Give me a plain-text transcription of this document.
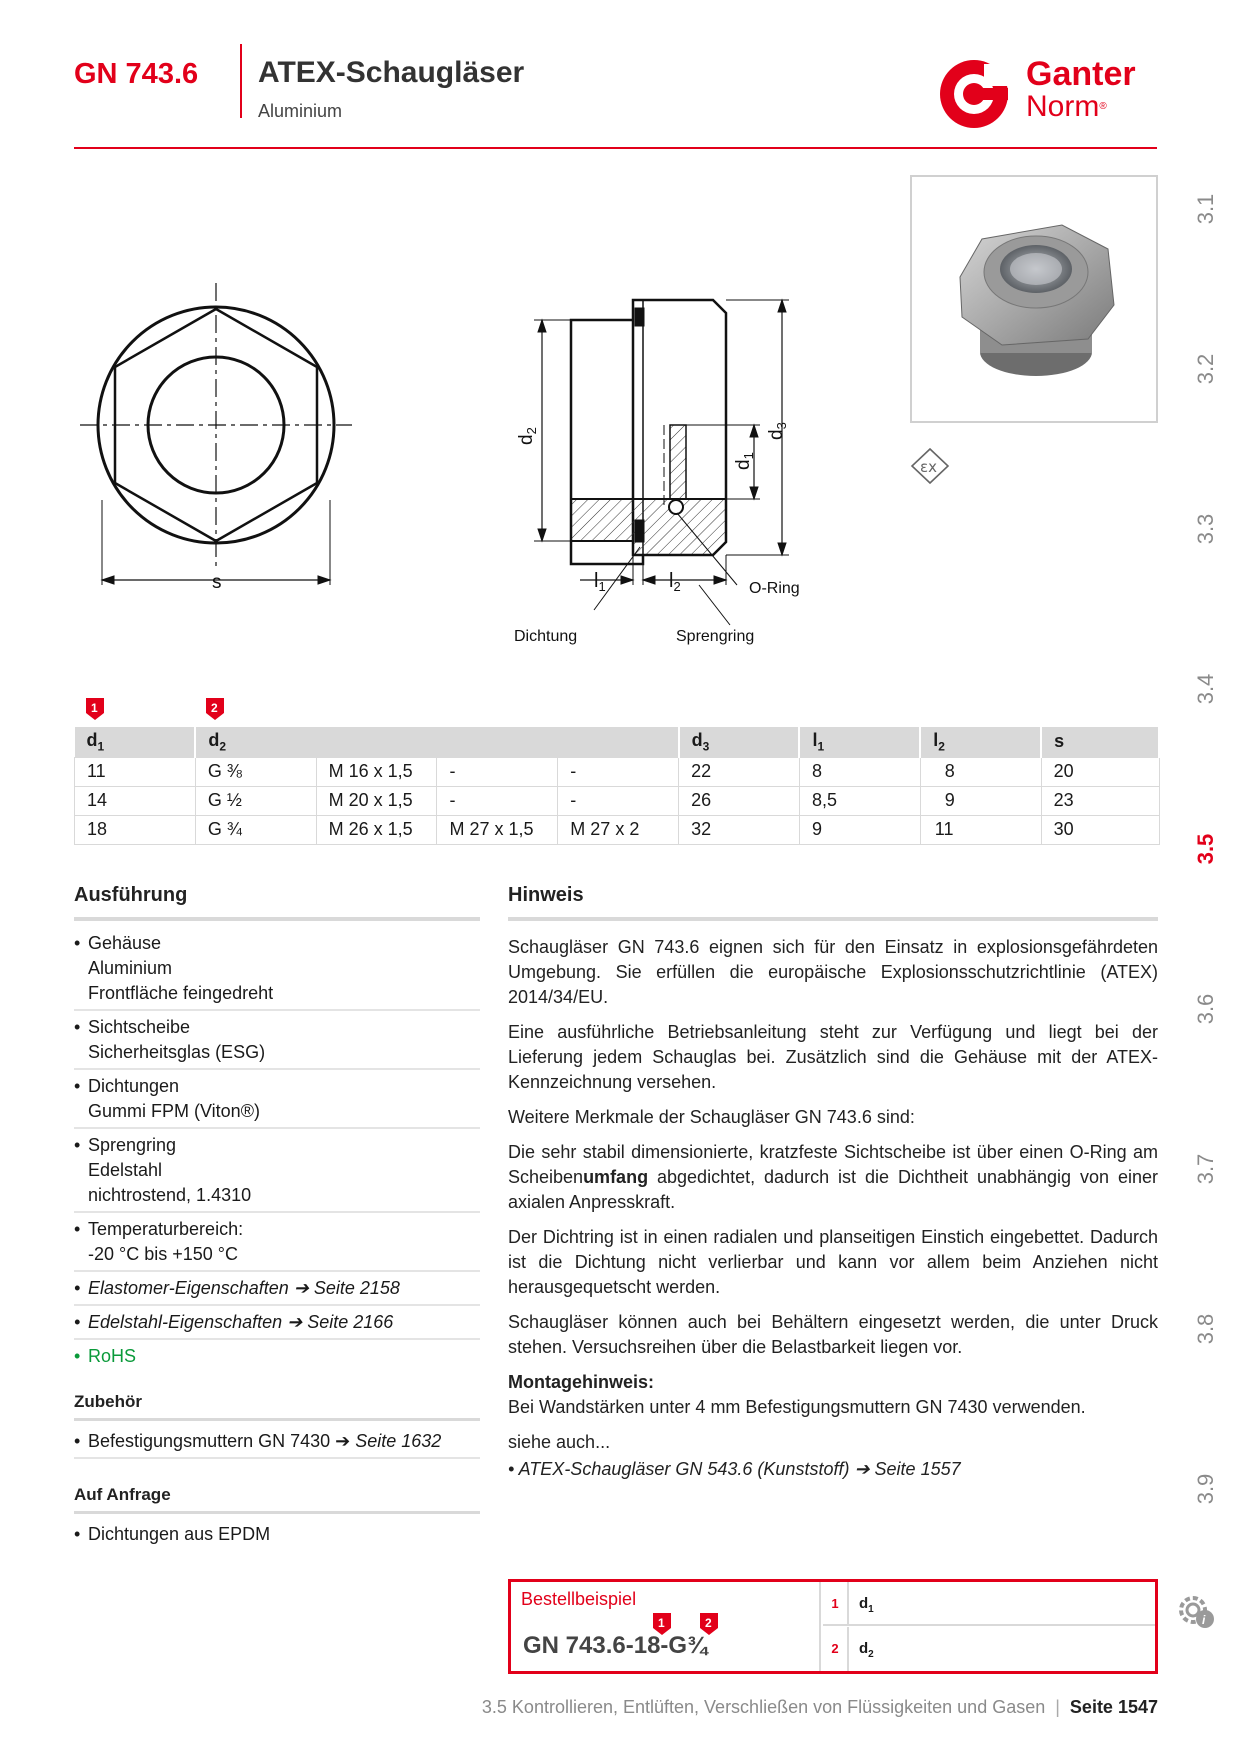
GN 743.6 ATEX-Schaugläser
Aluminium
Ganter
Norm®
3.1
3.2
3.3
3.4
3.5
3.6
3.7
3.8
3.9
s
$d_2$
$d_1$
$d_3$
$l_1$	$l_2$	O-Ring
Dichtung	Sprengring
εx
1	2
$d_1$	$d_2$				$d_3$	$l_1$	$l_2$	s
11	G ⅜	M 16 x 1,5	-	-	22	8	8	20
14	G ½	M 20 x 1,5	-	-	26	8,5	9	23
18	G ¾	M 26 x 1,5	M 27 x 1,5	M 27 x 2	32	9	11	30
Ausführung
• Gehäuse
Aluminium
Frontfläche feingedreht
• Sichtscheibe
Sicherheitsglas (ESG)
• Dichtungen
Gummi FPM (Viton®)
• Sprengring
Edelstahl
nichtrostend, 1.4310
• Temperaturbereich:
-20 °C bis +150 °C
• Elastomer-Eigenschaften ➔ Seite 2158
• Edelstahl-Eigenschaften ➔ Seite 2166
• RoHS
Zubehör
• Befestigungsmuttern GN 7430 ➔ Seite 1632
Auf Anfrage
• Dichtungen aus EPDM
Hinweis

Schaugläser GN 743.6 eignen sich für den Einsatz in explosionsgefährdeten Umgebung. Sie erfüllen die europäische Explosionsschutzrichtlinie (ATEX) 2014/34/EU.

Eine ausführliche Betriebsanleitung steht zur Verfügung und liegt bei der Lieferung jedem Schauglas bei. Zusätzlich sind die Gehäuse mit der ATEX-Kennzeichnung versehen.

Weitere Merkmale der Schaugläser GN 743.6 sind:

Die sehr stabil dimensionierte, kratzfeste Sichtscheibe ist über einen O-Ring am Scheibenumfang abgedichtet, dadurch ist die Dichtheit unabhängig von einer axialen Anpresskraft.

Der Dichtring ist in einen radialen und planseitigen Einstich eingebettet. Dadurch ist die Dichtung nicht verlierbar und kann vor allem beim Anziehen nicht herausgequetscht werden.

Schaugläser können auch bei Behältern eingesetzt werden, die unter Druck stehen. Versuchsreihen über die Belastbarkeit liegen vor.

Montagehinweis:

Bei Wandstärken unter 4 mm Befestigungsmuttern GN 7430 verwenden.

siehe auch...

• ATEX-Schaugläser GN 543.6 (Kunststoff) ➔ Seite 1557

Bestellbeispiel
1	2
GN 743.6-18-G¾
1	$d_1$
2	$d_2$
i
3.5 Kontrollieren, Entlüften, Verschließen von Flüssigkeiten und Gasen | Seite 1547
